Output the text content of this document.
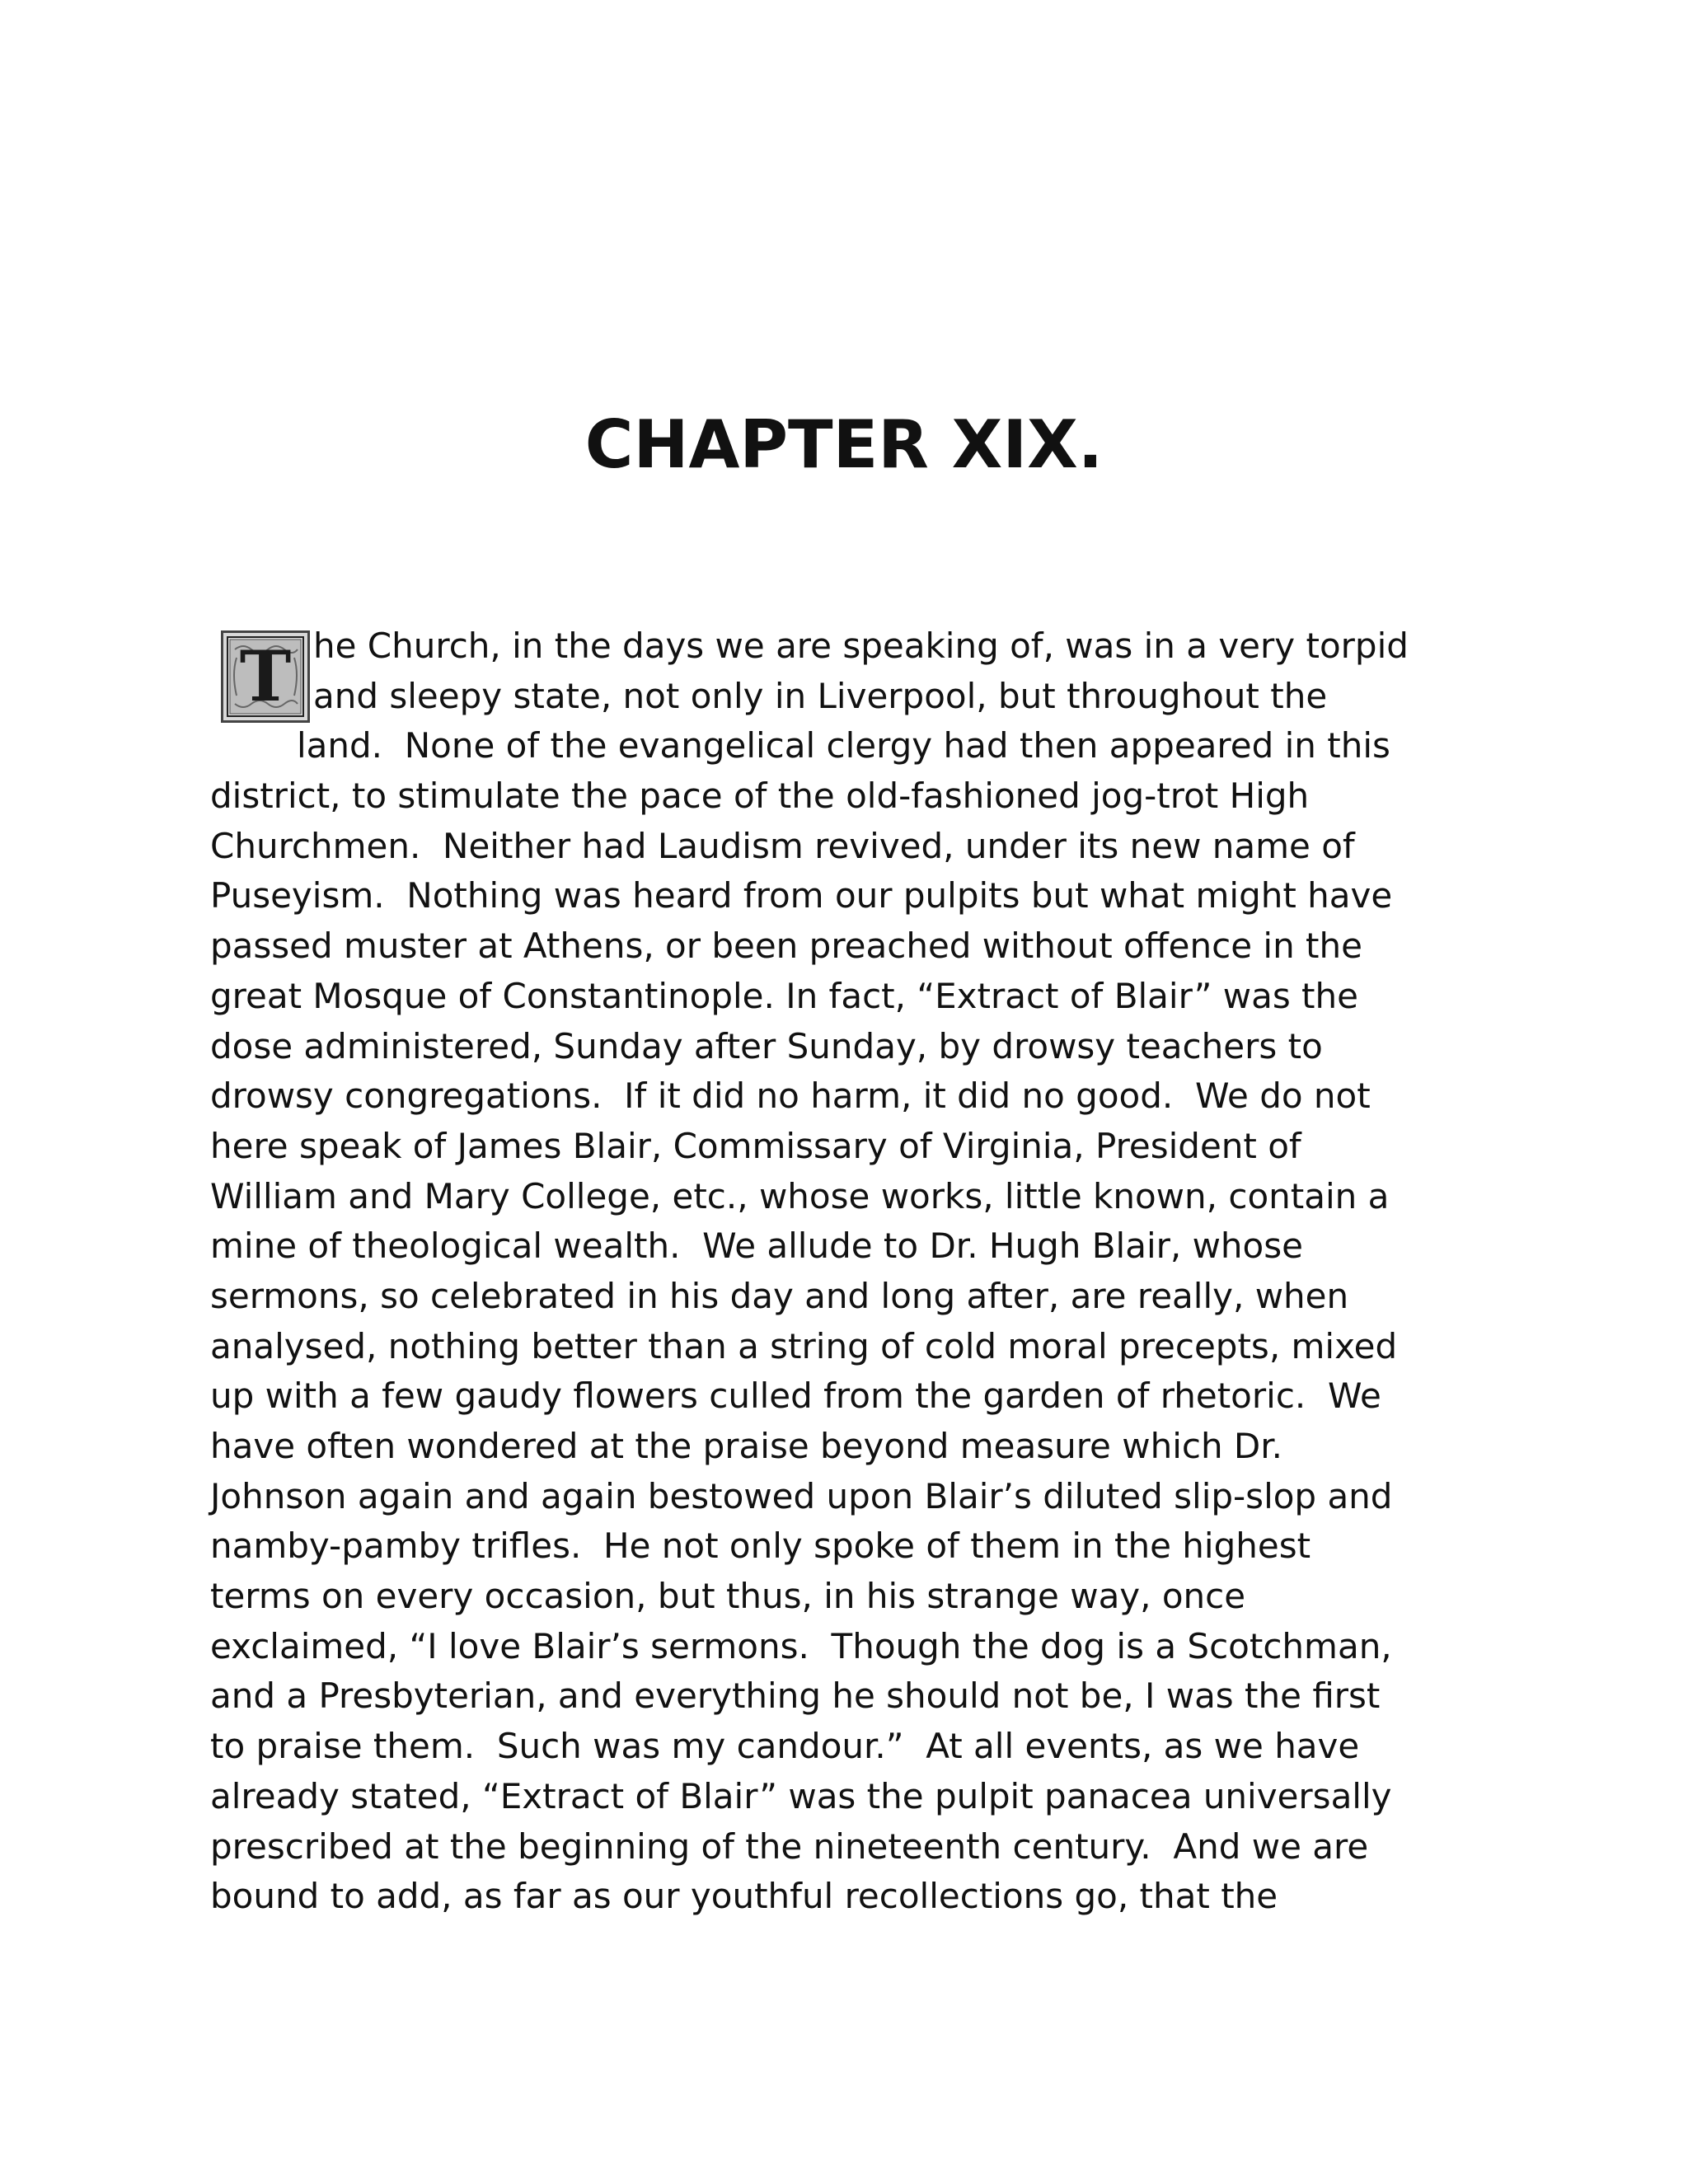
CHAPTER XIX.
T he Church, in the days we are speaking of, was in a very torpid
and sleepy state, not only in Liverpool, but throughout the
land.  None of the evangelical clergy had then appeared in this
district, to stimulate the pace of the old-fashioned jog-trot High
Churchmen.  Neither had Laudism revived, under its new name of
Puseyism.  Nothing was heard from our pulpits but what might have
passed muster at Athens, or been preached without offence in the
great Mosque of Constantinople. In fact, “Extract of Blair” was the
dose administered, Sunday after Sunday, by drowsy teachers to
drowsy congregations.  If it did no harm, it did no good.  We do not
here speak of James Blair, Commissary of Virginia, President of
William and Mary College, etc., whose works, little known, contain a
mine of theological wealth.  We allude to Dr. Hugh Blair, whose
sermons, so celebrated in his day and long after, are really, when
analysed, nothing better than a string of cold moral precepts, mixed
up with a few gaudy flowers culled from the garden of rhetoric.  We
have often wondered at the praise beyond measure which Dr.
Johnson again and again bestowed upon Blair’s diluted slip-slop and
namby-pamby trifles.  He not only spoke of them in the highest
terms on every occasion, but thus, in his strange way, once
exclaimed, “I love Blair’s sermons.  Though the dog is a Scotchman,
and a Presbyterian, and everything he should not be, I was the first
to praise them.  Such was my candour.”  At all events, as we have
already stated, “Extract of Blair” was the pulpit panacea universally
prescribed at the beginning of the nineteenth century.  And we are
bound to add, as far as our youthful recollections go, that the
